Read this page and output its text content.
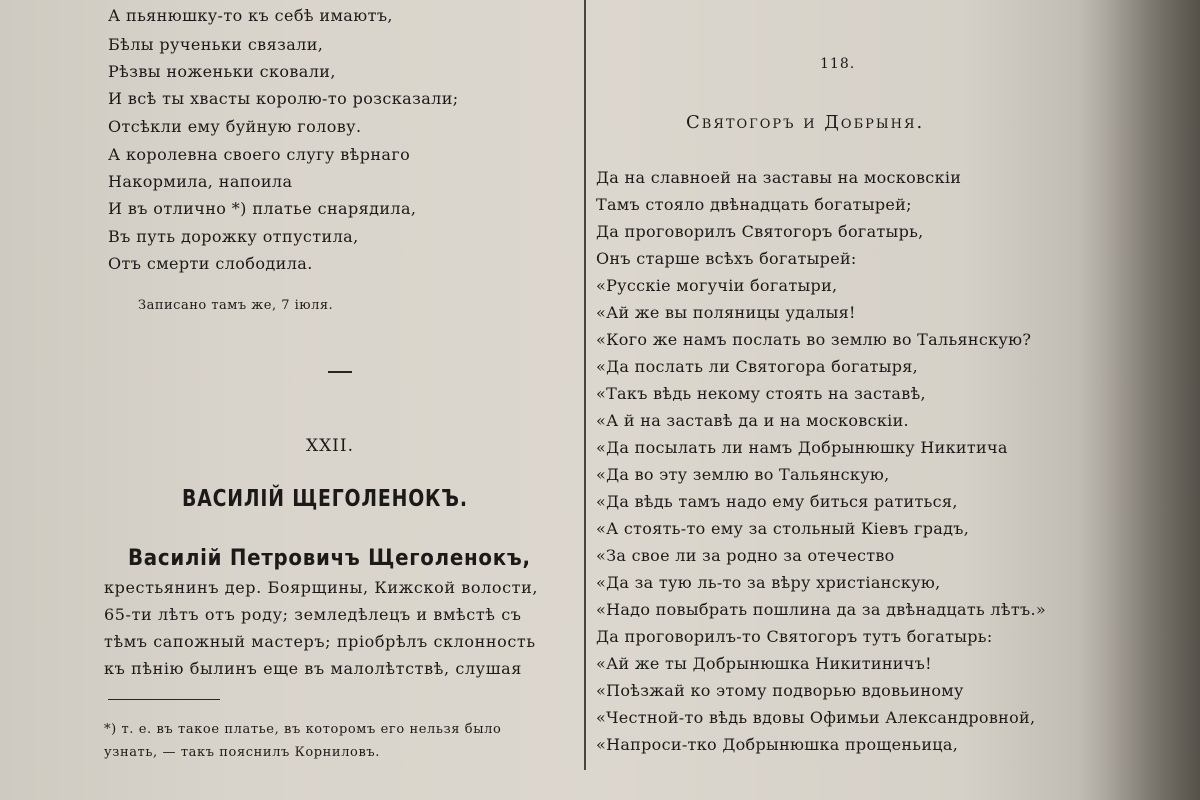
А пьянюшку-то къ себѣ имаютъ,
Бѣлы рученьки связали,
Рѣзвы ноженьки сковали,
И всѣ ты хвасты королю-то розсказали;
Отсѣкли ему буйную голову.
А королевна своего слугу вѣрнаго
Накормила, напоила
И въ отлично *) платье снарядила,
Въ путь дорожку отпустила,
Отъ смерти слободила.
Записано тамъ же, 7 іюля.
XXII.
ВАСИЛІЙ ЩЕГОЛЕНОКЪ.
Василій Петровичъ Щеголенокъ,
крестьянинъ дер. Боярщины, Кижской волости,
65-ти лѣтъ отъ роду; земледѣлецъ и вмѣстѣ съ
тѣмъ сапожный мастеръ; пріобрѣлъ склонность
къ пѣнію былинъ еще въ малолѣтствѣ, слушая
*) т. е. въ такое платье, въ которомъ его нельзя было
узнать, — такъ пояснилъ Корниловъ.
118.
Святогоръ и Добрыня.
Да на славноей на заставы на московскіи
Тамъ стояло двѣнадцать богатырей;
Да проговорилъ Святогоръ богатырь,
Онъ старше всѣхъ богатырей:
«Русскіе могучіи богатыри,
«Ай же вы поляницы удалыя!
«Кого же намъ послать во землю во Тальянскую?
«Да послать ли Святогора богатыря,
«Такъ вѣдь некому стоять на заставѣ,
«А й на заставѣ да и на московскіи.
«Да посылать ли намъ Добрынюшку Никитича
«Да во эту землю во Тальянскую,
«Да вѣдь тамъ надо ему биться ратиться,
«А стоять-то ему за стольный Кіевъ градъ,
«За свое ли за родно за отечество
«Да за тую ль-то за вѣру христіанскую,
«Надо повыбрать пошлина да за двѣнадцать лѣтъ.»
Да проговорилъ-то Святогоръ тутъ богатырь:
«Ай же ты Добрынюшка Никитиничъ!
«Поѣзжай ко этому подворью вдовьиному
«Честной-то вѣдь вдовы Офимьи Александровной,
«Напроси-тко Добрынюшка прощеньица,
